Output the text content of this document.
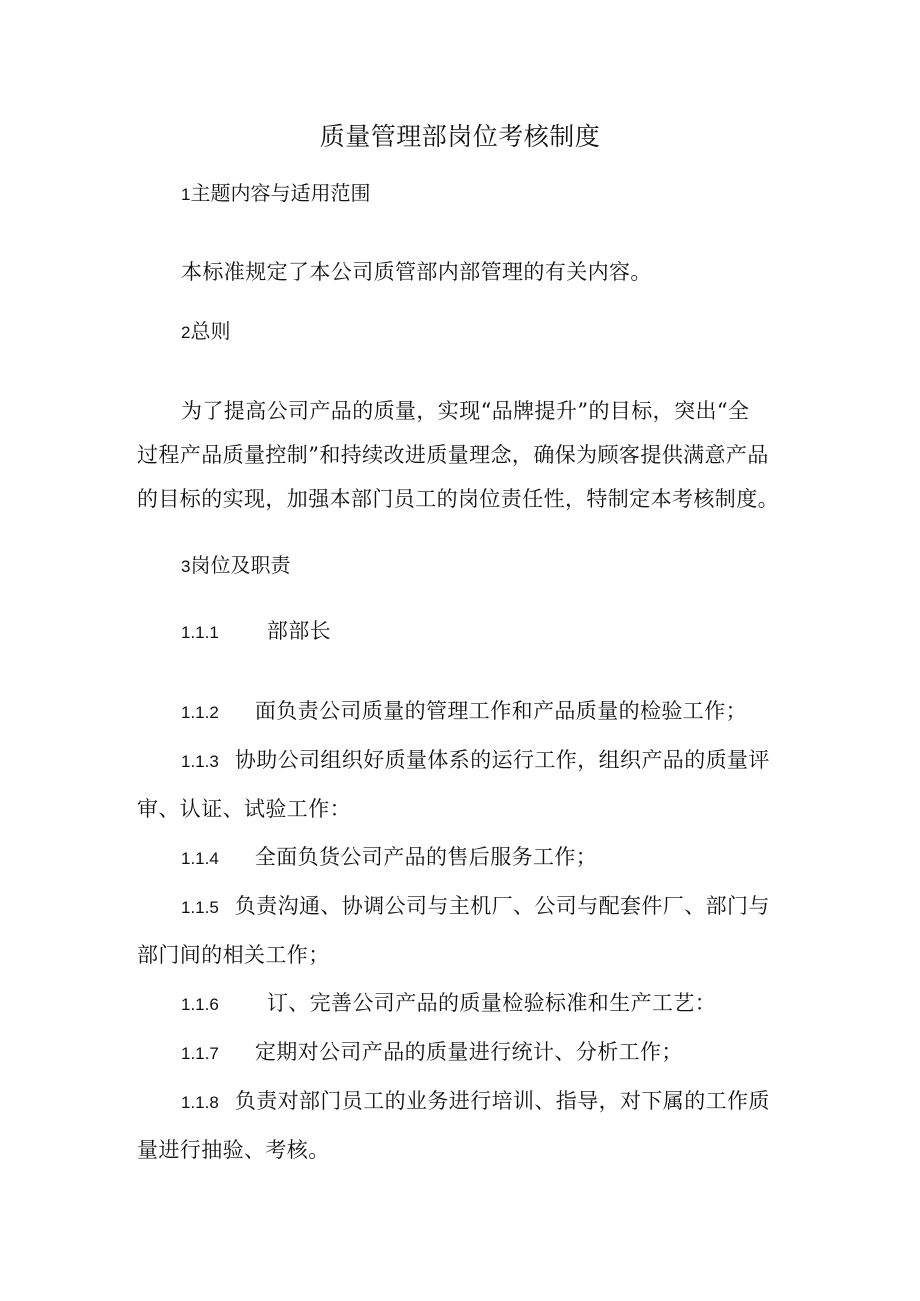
质量管理部岗位考核制度
1主题内容与适用范围
本标准规定了本公司质管部内部管理的有关内容。
2总则
为了提高公司产品的质量，实现“品牌提升”的目标，突出“全
过程产品质量控制”和持续改进质量理念，确保为顾客提供满意产品
的目标的实现，加强本部门员工的岗位责任性，特制定本考核制度。
3岗位及职责
1.1.1 部部长
1.1.2 面负责公司质量的管理工作和产品质量的检验工作；
1.1.3 协助公司组织好质量体系的运行工作，组织产品的质量评
审、认证、试验工作：
1.1.4 全面负货公司产品的售后服务工作；
1.1.5 负责沟通、协调公司与主机厂、公司与配套件厂、部门与
部门间的相关工作；
1.1.6 订、完善公司产品的质量检验标准和生产工艺：
1.1.7 定期对公司产品的质量进行统计、分析工作；
1.1.8 负责对部门员工的业务进行培训、指导，对下属的工作质
量进行抽验、考核。
